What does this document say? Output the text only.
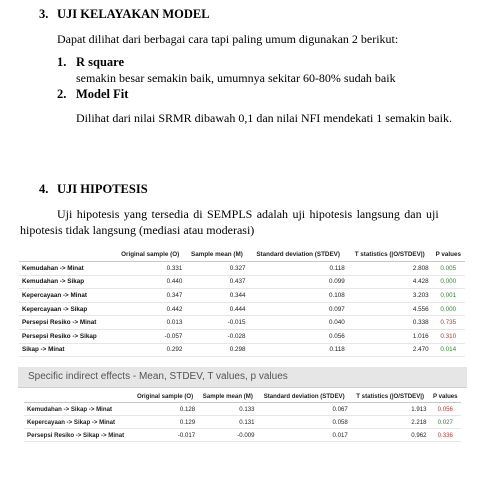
3. UJI KELAYAKAN MODEL
Dapat dilihat dari berbagai cara tapi paling umum digunakan 2 berikut:
1. R square
semakin besar semakin baik, umumnya sekitar 60-80% sudah baik
2. Model Fit
Dilihat dari nilai SRMR dibawah 0,1 dan nilai NFI mendekati 1 semakin baik.
4. UJI HIPOTESIS
Uji hipotesis yang tersedia di SEMPLS adalah uji hipotesis langsung dan uji
hipotesis tidak langsung (mediasi atau moderasi)
	Original sample (O)	Sample mean (M)	Standard deviation (STDEV)	T statistics (|O/STDEV|)	P values
Kemudahan -> Minat	0.331	0.327	0.118	2.808	0.005
Kemudahan -> Sikap	0.440	0.437	0.099	4.428	0.000
Kepercayaan -> Minat	0.347	0.344	0.108	3.203	0.001
Kepercayaan -> Sikap	0.442	0.444	0.097	4.556	0.000
Persepsi Resiko -> Minat	0.013	-0.015	0.040	0.338	0.735
Persepsi Resiko -> Sikap	-0.057	-0.028	0.056	1.016	0.310
Sikap -> Minat	0.292	0.298	0.118	2.470	0.014
Specific indirect effects - Mean, STDEV, T values, p values
	Original sample (O)	Sample mean (M)	Standard deviation (STDEV)	T statistics (|O/STDEV|)	P values
Kemudahan -> Sikap -> Minat	0.128	0.133	0.067	1.913	0.056
Kepercayaan -> Sikap -> Minat	0.129	0.131	0.058	2.218	0.027
Persepsi Resiko -> Sikap -> Minat	-0.017	-0.009	0.017	0.962	0.336
